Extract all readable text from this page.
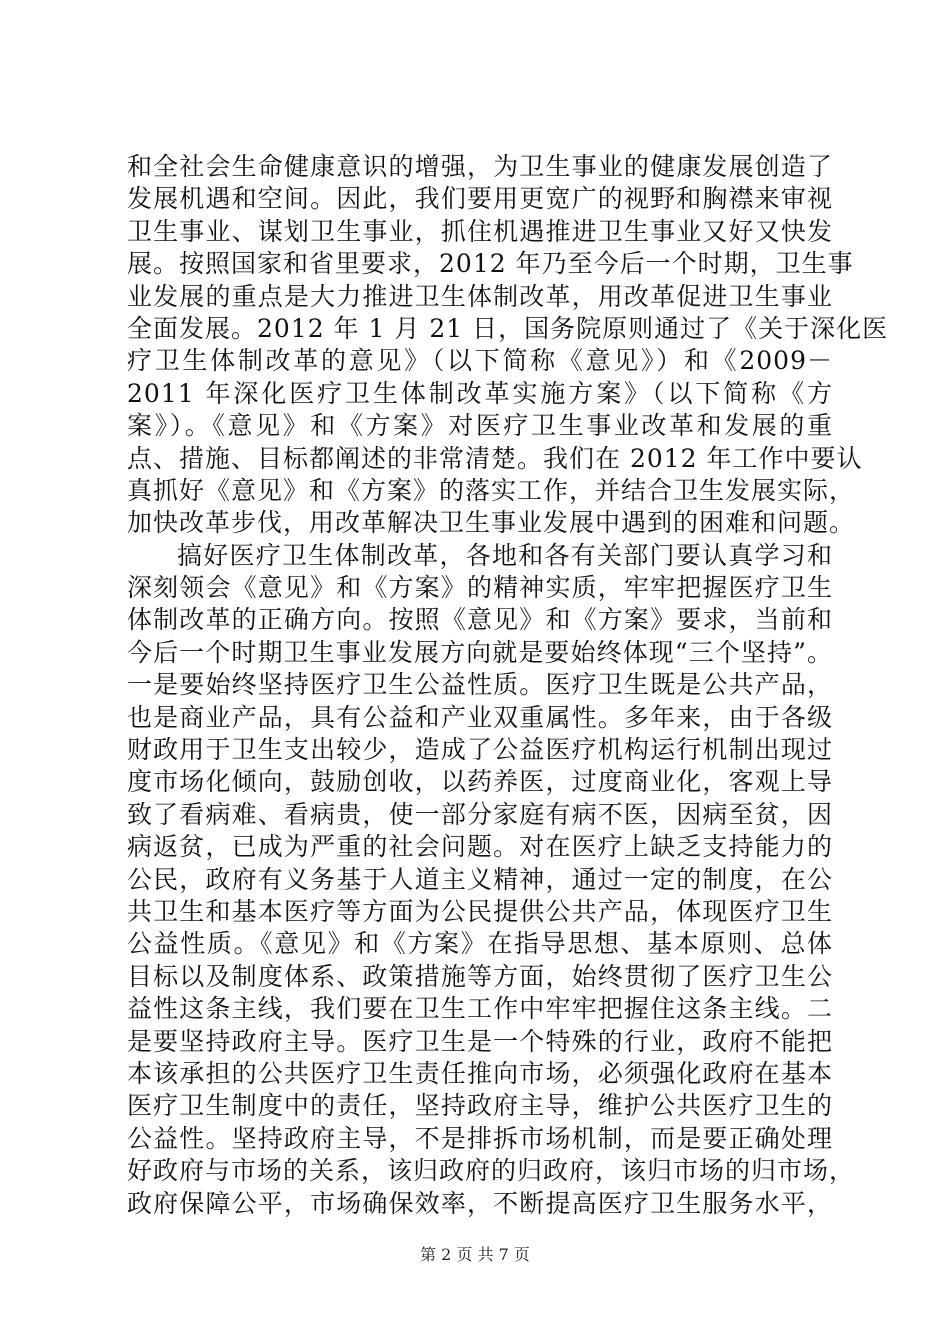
和全社会生命健康意识的增强，为卫生事业的健康发展创造了
发展机遇和空间。因此，我们要用更宽广的视野和胸襟来审视
卫生事业、谋划卫生事业，抓住机遇推进卫生事业又好又快发
展。按照国家和省里要求，2012 年乃至今后一个时期，卫生事
业发展的重点是大力推进卫生体制改革，用改革促进卫生事业
全面发展。2012 年 1 月 21 日，国务院原则通过了《关于深化医
疗卫生体制改革的意见》（以下简称《意见》）和《2009－
2011 年深化医疗卫生体制改革实施方案》（以下简称《方
案》）。《意见》和《方案》对医疗卫生事业改革和发展的重
点、措施、目标都阐述的非常清楚。我们在 2012 年工作中要认
真抓好《意见》和《方案》的落实工作，并结合卫生发展实际，
加快改革步伐，用改革解决卫生事业发展中遇到的困难和问题。
搞好医疗卫生体制改革，各地和各有关部门要认真学习和
深刻领会《意见》和《方案》的精神实质，牢牢把握医疗卫生
体制改革的正确方向。按照《意见》和《方案》要求，当前和
今后一个时期卫生事业发展方向就是要始终体现“三个坚持”。
一是要始终坚持医疗卫生公益性质。医疗卫生既是公共产品，
也是商业产品，具有公益和产业双重属性。多年来，由于各级
财政用于卫生支出较少，造成了公益医疗机构运行机制出现过
度市场化倾向，鼓励创收，以药养医，过度商业化，客观上导
致了看病难、看病贵，使一部分家庭有病不医，因病至贫，因
病返贫，已成为严重的社会问题。对在医疗上缺乏支持能力的
公民，政府有义务基于人道主义精神，通过一定的制度，在公
共卫生和基本医疗等方面为公民提供公共产品，体现医疗卫生
公益性质。《意见》和《方案》在指导思想、基本原则、总体
目标以及制度体系、政策措施等方面，始终贯彻了医疗卫生公
益性这条主线，我们要在卫生工作中牢牢把握住这条主线。二
是要坚持政府主导。医疗卫生是一个特殊的行业，政府不能把
本该承担的公共医疗卫生责任推向市场，必须强化政府在基本
医疗卫生制度中的责任，坚持政府主导，维护公共医疗卫生的
公益性。坚持政府主导，不是排拆市场机制，而是要正确处理
好政府与市场的关系，该归政府的归政府，该归市场的归市场，
政府保障公平，市场确保效率，不断提高医疗卫生服务水平，
第 2 页 共 7 页
